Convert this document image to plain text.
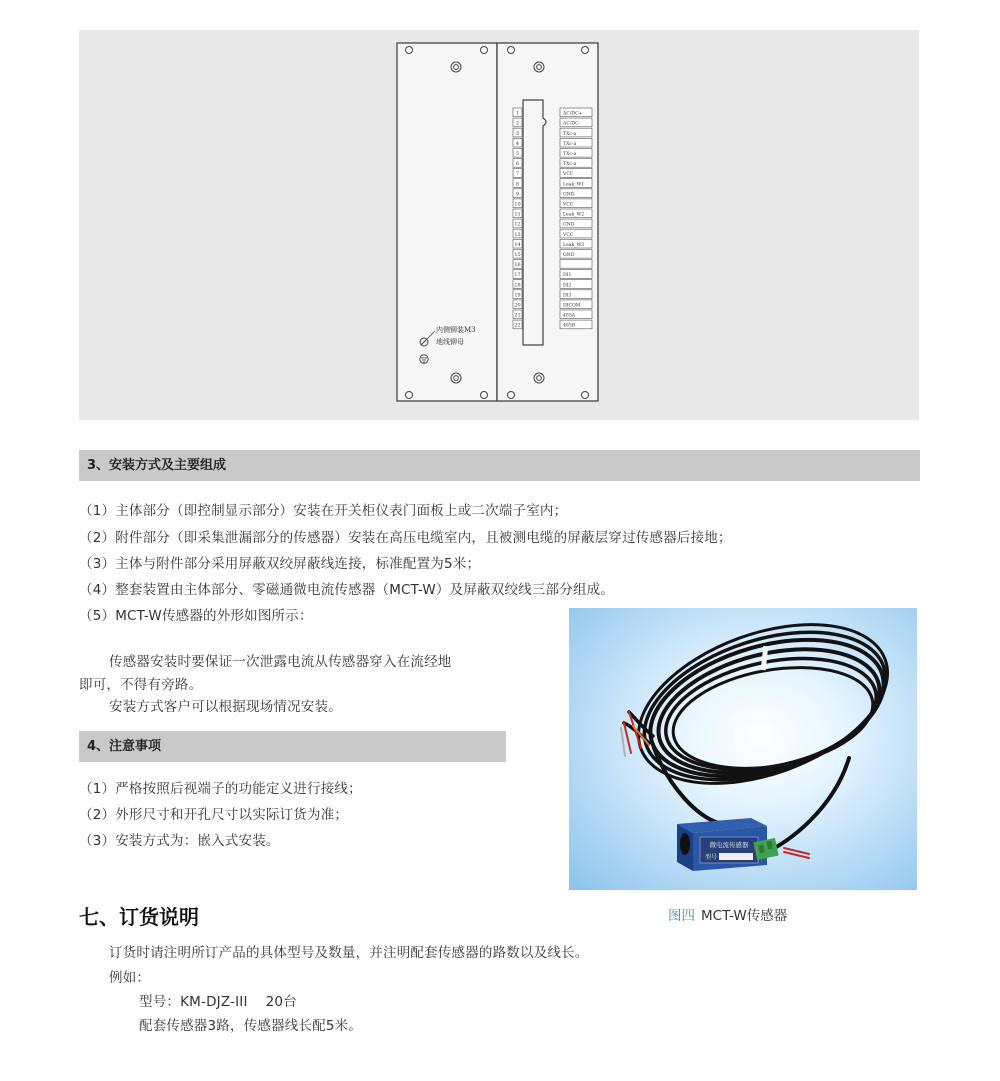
内侧铆装M3
地线铆母
1	AC/DC+
2	AC/DC-
3	TXc-a
4	TXc-a
5	TXc-a
6	TXc-a
7	VCC
8	Leak_W1
9	GND
10	VCC
11	Leak_W2
12	GND
13	VCC
14	Leak_W3
15	GND
16
17	DI1
18	DI2
19	DI3
20	DICOM
21	485A
22	485B
3、安装方式及主要组成
（1）主体部分（即控制显示部分）安装在开关柜仪表门面板上或二次端子室内；
（2）附件部分（即采集泄漏部分的传感器）安装在高压电缆室内，且被测电缆的屏蔽层穿过传感器后接地；
（3）主体与附件部分采用屏蔽双绞屏蔽线连接，标准配置为5米；
（4）整套装置由主体部分、零磁通微电流传感器（MCT-W）及屏蔽双绞线三部分组成。
（5）MCT-W传感器的外形如图所示：
传感器安装时要保证一次泄露电流从传感器穿入在流经地
即可，不得有旁路。
安装方式客户可以根据现场情况安装。
4、注意事项
（1）严格按照后视端子的功能定义进行接线；
（2）外形尺寸和开孔尺寸以实际订货为准；
（3）安装方式为：嵌入式安装。	微电流传感器
型号
图四 MCT-W传感器
七、订货说明
订货时请注明所订产品的具体型号及数量，并注明配套传感器的路数以及线长。
例如：
型号：KM-DJZ-III    20台
配套传感器3路，传感器线长配5米。
